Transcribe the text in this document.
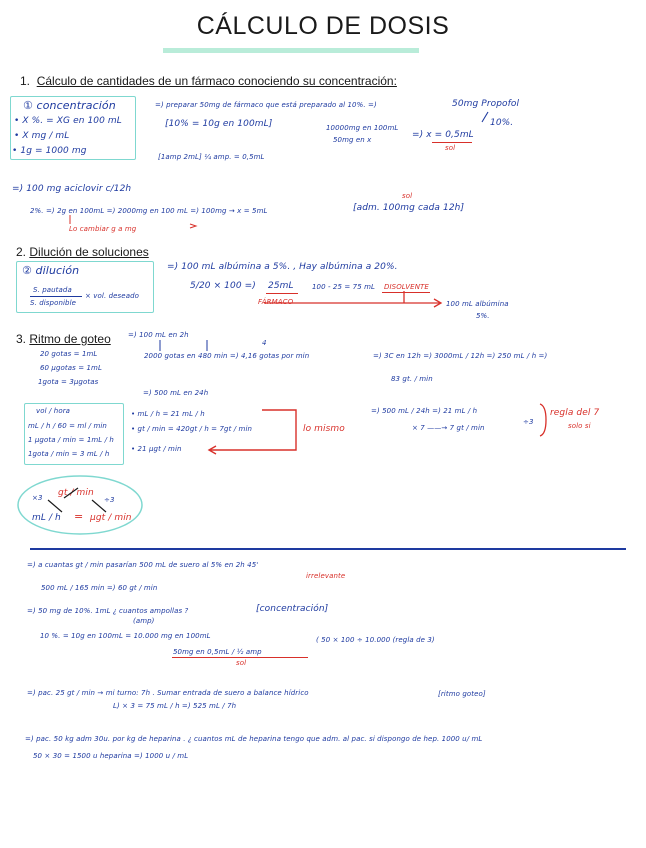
CÁLCULO DE DOSIS
1. Cálculo de cantidades de un fármaco conociendo su concentración:
① concentración
• X %. = XG en 100 mL
• X mg / mL
• 1g = 1000 mg
=) preparar 50mg de fármaco que está preparado al 10%. =)	50mg Propofol
10%.
[10% = 10g en 100mL]	10000mg en 100mL
50mg en x	=) x = 0,5mL
sol
[1amp 2mL] ¼ amp. = 0,5mL
=) 100 mg aciclovir c/12h
sol
2%. =) 2g en 100mL =) 2000mg en 100 mL =) 100mg → x = 5mL	[adm. 100mg cada 12h]
Lo cambiar g a mg
2. Dilución de soluciones
② dilución
S. pautada
S. disponible
× vol. deseado
=) 100 mL albúmina a 5%. , Hay albúmina a 20%.
5/20 × 100 =) 25mL	100 - 25 = 75 mL DISOLVENTE
FÁRMACO	100 mL albúmina
5%.
3. Ritmo de goteo =) 100 mL en 2h
2000 gotas en 480 min =) 4,16 gotas por min
4
20 gotas = 1mL
60 µgotas = 1mL
1gota = 3µgotas
=) 3C en 12h =) 3000mL / 12h =) 250 mL / h =)
83 gt. / min
=) 500 mL en 24h
vol / hora
mL / h / 60 = ml / min
1 µgota / min = 1mL / h
1gota / min = 3 mL / h
• mL / h = 21 mL / h
• gt / min = 420gt / h = 7gt / min
• 21 µgt / min
lo mismo
=) 500 mL / 24h =) 21 mL / h
÷3
× 7 ——→ 7 gt / min
regla del 7
solo si
gt / min
×3	÷3
mL / h = µgt / min
=) a cuantas gt / min pasarían 500 mL de suero al 5% en 2h 45'
irrelevante
500 mL / 165 min =) 60 gt / min
=) 50 mg de 10%. 1mL ¿ cuantos ampollas ?
(amp)
[concentración]
10 %. = 10g en 100mL = 10.000 mg en 100mL
50mg en 0,5mL / ½ amp
sol
( 50 × 100 ÷ 10.000 (regla de 3)
=) pac. 25 gt / min → mi turno: 7h . Sumar entrada de suero a balance hídrico	[ritmo goteo]
L) × 3 = 75 mL / h =) 525 mL / 7h
=) pac. 50 kg adm 30u. por kg de heparina . ¿ cuantos mL de heparina tengo que adm. al pac. si dispongo de hep. 1000 u/ mL
50 × 30 = 1500 u heparina =) 1000 u / mL
